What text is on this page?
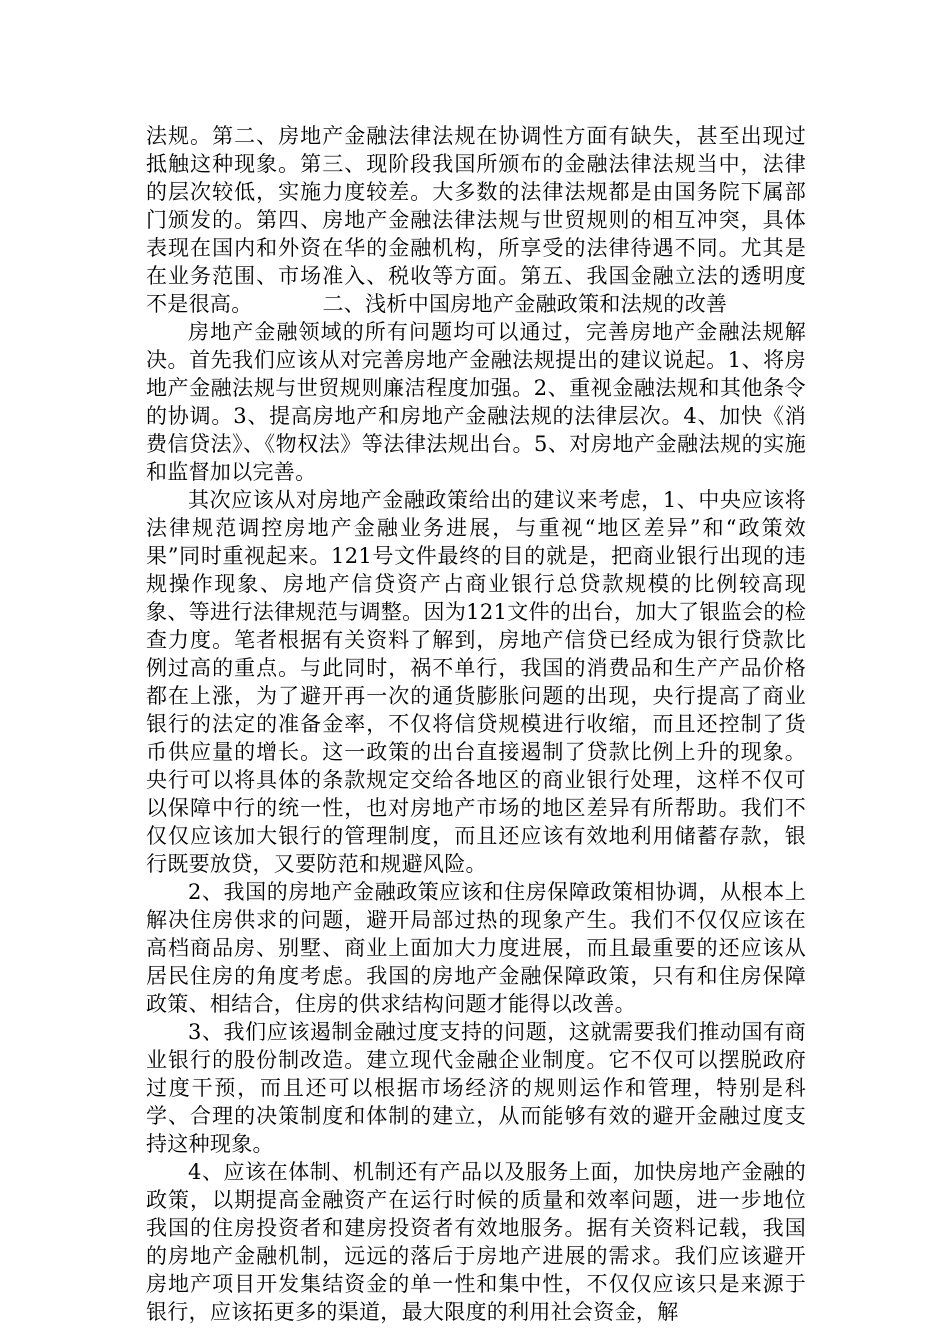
法规。第二、房地产金融法律法规在协调性方面有缺失，甚至出现过抵触这种现象。第三、现阶段我国所颁布的金融法律法规当中，法律的层次较低，实施力度较差。大多数的法律法规都是由国务院下属部门颁发的。第四、房地产金融法律法规与世贸规则的相互冲突，具体表现在国内和外资在华的金融机构，所享受的法律待遇不同。尤其是在业务范围、市场准入、税收等方面。第五、我国金融立法的透明度不是很高。	二、浅析中国房地产金融政策和法规的改善

房地产金融领域的所有问题均可以通过，完善房地产金融法规解决。首先我们应该从对完善房地产金融法规提出的建议说起。1、将房地产金融法规与世贸规则廉洁程度加强。2、重视金融法规和其他条令的协调。3、提高房地产和房地产金融法规的法律层次。4、加快《消费信贷法》、《物权法》等法律法规出台。5、对房地产金融法规的实施和监督加以完善。

其次应该从对房地产金融政策给出的建议来考虑，1、中央应该将法律规范调控房地产金融业务进展，与重视“地区差异”和“政策效果”同时重视起来。121号文件最终的目的就是，把商业银行出现的违规操作现象、房地产信贷资产占商业银行总贷款规模的比例较高现象、等进行法律规范与调整。因为121文件的出台，加大了银监会的检查力度。笔者根据有关资料了解到，房地产信贷已经成为银行贷款比例过高的重点。与此同时，祸不单行，我国的消费品和生产产品价格都在上涨，为了避开再一次的通货膨胀问题的出现，央行提高了商业银行的法定的准备金率，不仅将信贷规模进行收缩，而且还控制了货币供应量的增长。这一政策的出台直接遏制了贷款比例上升的现象。央行可以将具体的条款规定交给各地区的商业银行处理，这样不仅可以保障中行的统一性，也对房地产市场的地区差异有所帮助。我们不仅仅应该加大银行的管理制度，而且还应该有效地利用储蓄存款，银行既要放贷，又要防范和规避风险。

2、我国的房地产金融政策应该和住房保障政策相协调，从根本上解决住房供求的问题，避开局部过热的现象产生。我们不仅仅应该在高档商品房、别墅、商业上面加大力度进展，而且最重要的还应该从居民住房的角度考虑。我国的房地产金融保障政策，只有和住房保障政策、相结合，住房的供求结构问题才能得以改善。

3、我们应该遏制金融过度支持的问题，这就需要我们推动国有商业银行的股份制改造。建立现代金融企业制度。它不仅可以摆脱政府过度干预，而且还可以根据市场经济的规则运作和管理，特别是科学、合理的决策制度和体制的建立，从而能够有效的避开金融过度支持这种现象。

4、应该在体制、机制还有产品以及服务上面，加快房地产金融的政策，以期提高金融资产在运行时候的质量和效率问题，进一步地位我国的住房投资者和建房投资者有效地服务。据有关资料记载，我国的房地产金融机制，远远的落后于房地产进展的需求。我们应该避开房地产项目开发集结资金的单一性和集中性，不仅仅应该只是来源于银行，应该拓更多的渠道，最大限度的利用社会资金，解
